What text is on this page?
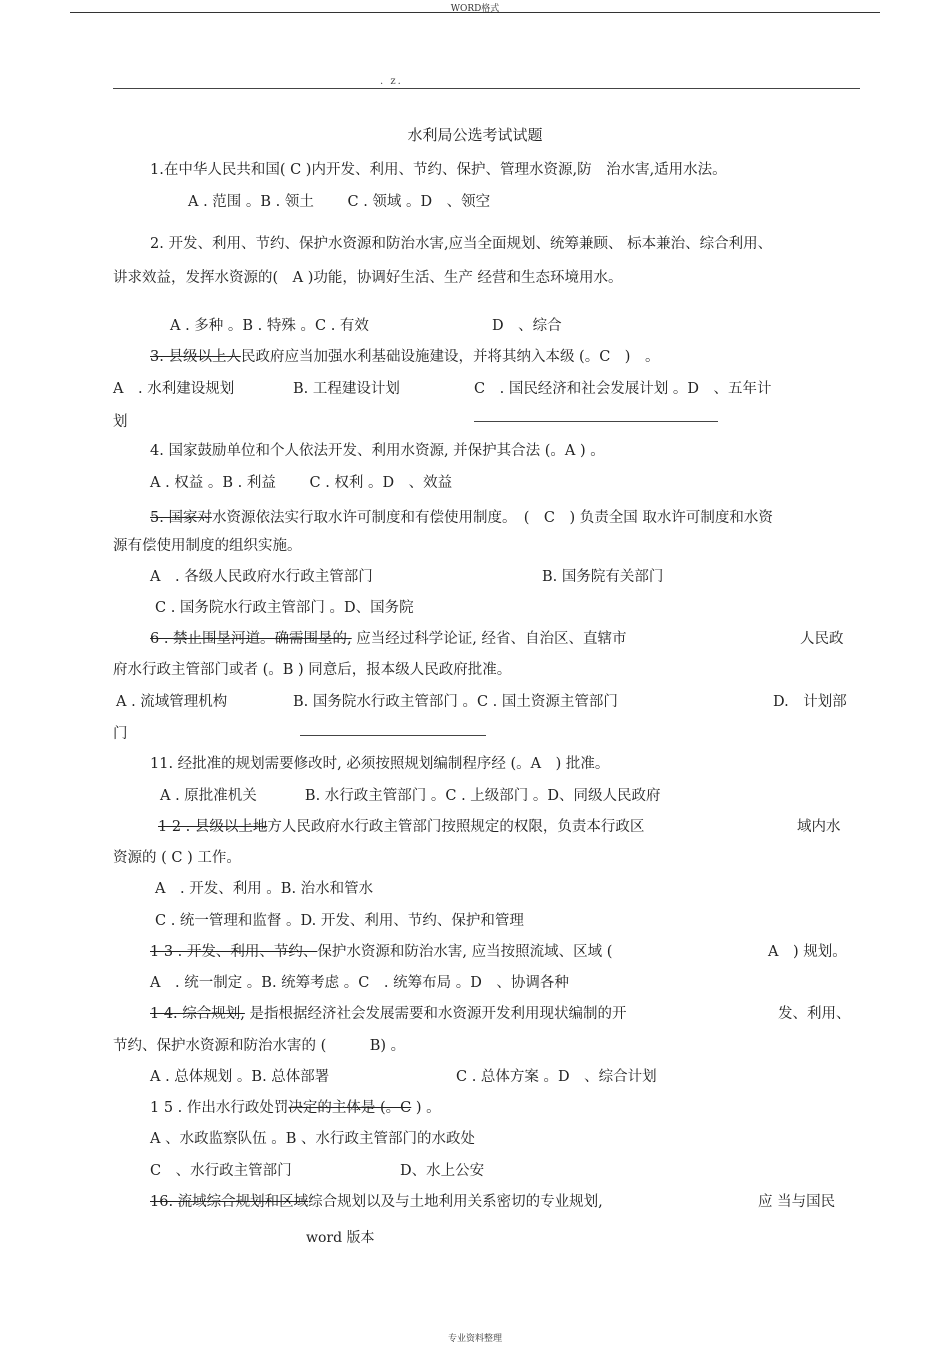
WORD格式
. z.
水利局公选考试试题
1.在中华人民共和国( C )内开发、利用、节约、保护、管理水资源,防　治水害,适用水法。
A . 范围 。B . 领土　　 C . 领域 。D　、领空
2. 开发、利用、节约、保护水资源和防治水害,应当全面规划、统筹兼顾、 标本兼治、综合利用、
讲求效益，发挥水资源的(　A )功能，协调好生活、生产 经营和生态环境用水。
A . 多种 。B . 特殊 。C . 有效	D　、综合
3. 县级以上人民政府应当加强水利基础设施建设，并将其纳入本级 (。C　)　。
A　. 水利建设规划	B. 工程建设计划	C　. 国民经济和社会发展计划 。D　、五年计
划
4. 国家鼓励单位和个人依法开发、利用水资源, 并保护其合法 (。A ) 。
A . 权益 。B . 利益　　 C . 权利 。D　、效益
5. 国家对水资源依法实行取水许可制度和有偿使用制度。　(　C　) 负责全国 取水许可制度和水资
源有偿使用制度的组织实施。
A　. 各级人民政府水行政主管部门	B. 国务院有关部门
C . 国务院水行政主管部门 。D、国务院
6 . 禁止围垦河道。确需围垦的, 应当经过科学论证, 经省、自治区、直辖市	人民政
府水行政主管部门或者 (。B ) 同意后，报本级人民政府批准。
A . 流域管理机构	B. 国务院水行政主管部门 。C . 国土资源主管部门	D.　计划部
门
11. 经批准的规划需要修改时, 必须按照规划编制程序经 (。A　) 批准。
A . 原批准机关　　　 B. 水行政主管部门 。C . 上级部门 。D、同级人民政府
1 2 . 县级以上地方人民政府水行政主管部门按照规定的权限，负责本行政区	域内水
资源的 ( C ) 工作。
A　. 开发、利用 。B. 治水和管水
C . 统一管理和监督 。D. 开发、利用、节约、保护和管理
1 3 . 开发、利用、节约、保护水资源和防治水害, 应当按照流域、区域 (	A　) 规划。
A　. 统一制定 。B. 统筹考虑 。C　. 统筹布局 。D　、协调各种
1 4. 综合规划, 是指根据经济社会发展需要和水资源开发利用现状编制的开	发、利用、
节约、保护水资源和防治水害的 (　　　B) 。
A . 总体规划 。B. 总体部署	C . 总体方案 。D　、综合计划
1 5 . 作出水行政处罚决定的主体是 (。C ) 。
A 、水政监察队伍 。B 、水行政主管部门的水政处
C　、水行政主管部门	D、水上公安
16. 流域综合规划和区域综合规划以及与土地利用关系密切的专业规划,	应 当与国民
word 版本
专业资料整理
